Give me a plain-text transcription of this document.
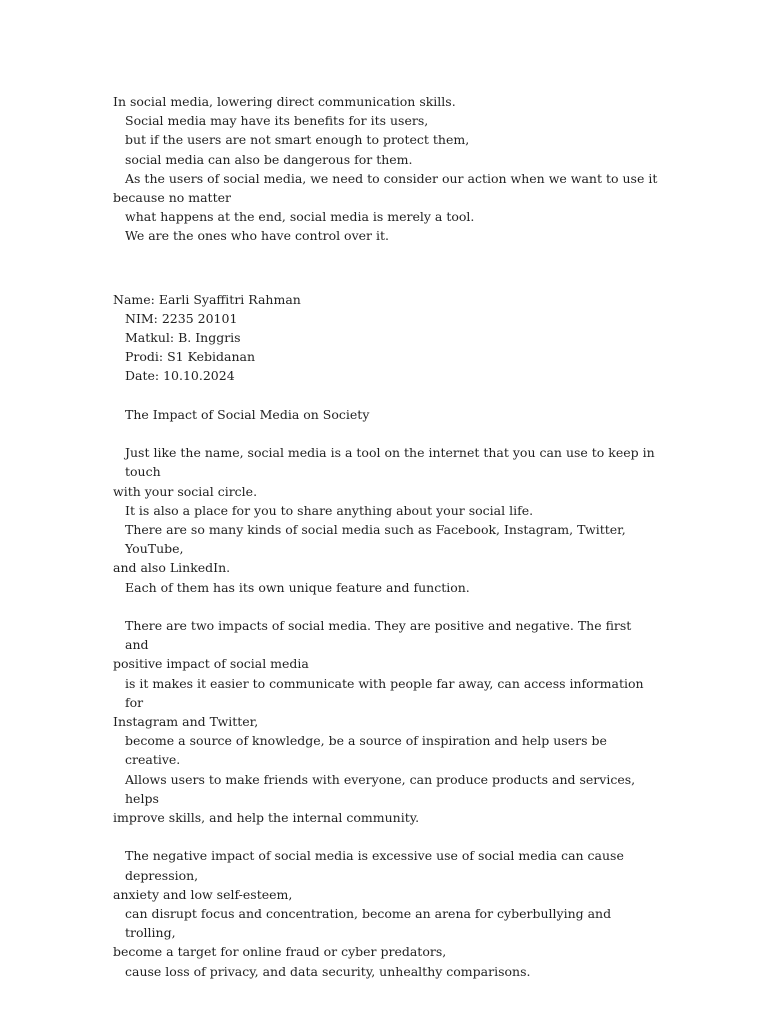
In social media, lowering direct communication skills.
Social media may have its benefits for its users,
but if the users are not smart enough to protect them,
social media can also be dangerous for them.
As the users of social media, we need to consider our action when we want to use it
because no matter
what happens at the end, social media is merely a tool.
We are the ones who have control over it.
Name: Earli Syaffitri Rahman
NIM: 2235 20101
Matkul: B. Inggris
Prodi: S1 Kebidanan
Date: 10.10.2024
The Impact of Social Media on Society
Just like the name, social media is a tool on the internet that you can use to keep in touch
with your social circle.
It is also a place for you to share anything about your social life.
There are so many kinds of social media such as Facebook, Instagram, Twitter, YouTube,
and also LinkedIn.
Each of them has its own unique feature and function.
There are two impacts of social media. They are positive and negative. The first and
positive impact of social media
is it makes it easier to communicate with people far away, can access information for
Instagram and Twitter,
become a source of knowledge, be a source of inspiration and help users be creative.
Allows users to make friends with everyone, can produce products and services, helps
improve skills, and help the internal community.
The negative impact of social media is excessive use of social media can cause depression,
anxiety and low self-esteem,
can disrupt focus and concentration, become an arena for cyberbullying and trolling,
become a target for online fraud or cyber predators,
cause loss of privacy, and data security, unhealthy comparisons.
